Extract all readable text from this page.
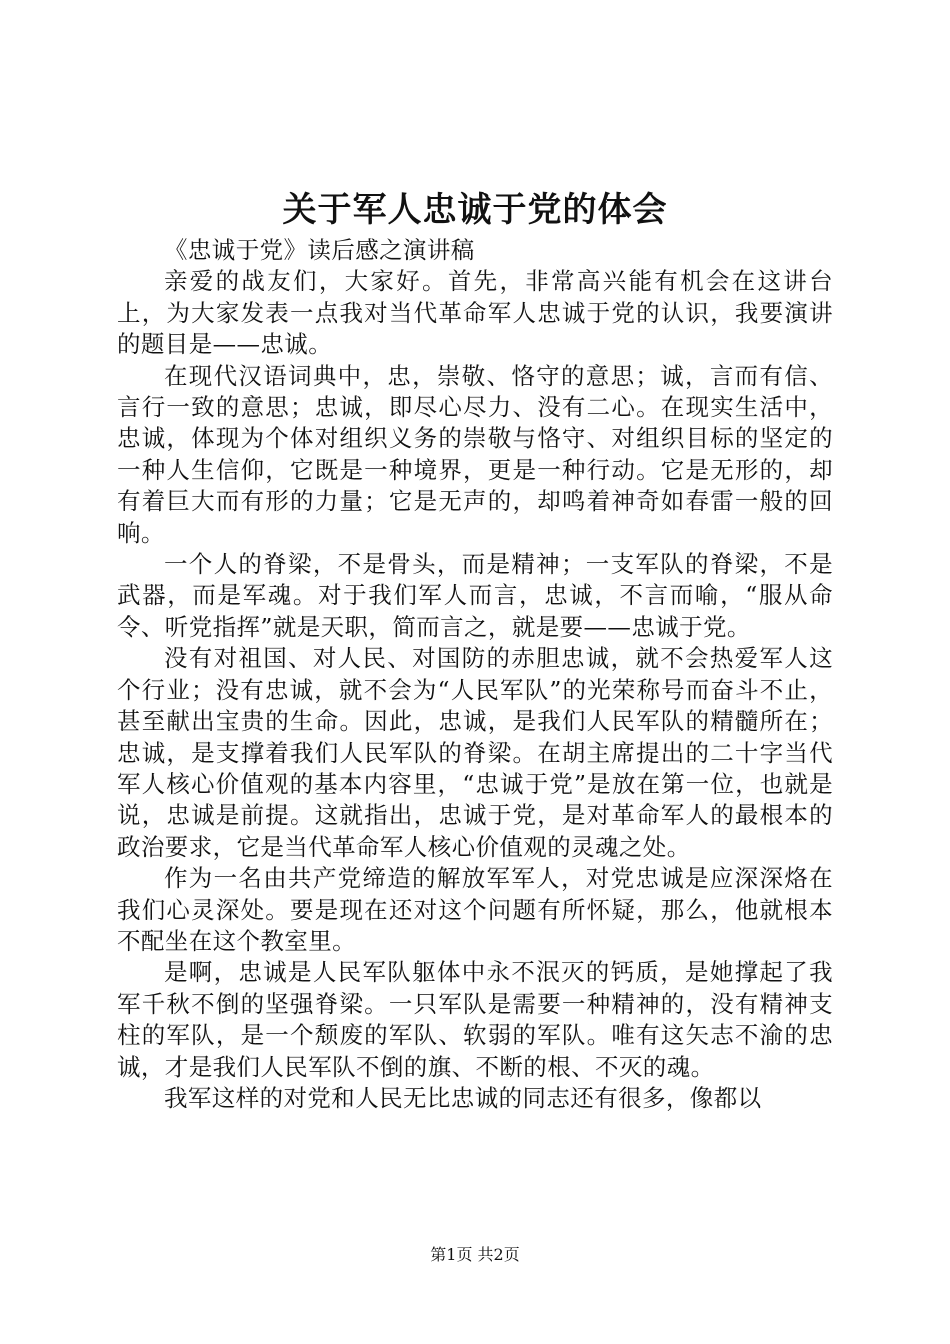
关于军人忠诚于党的体会

《忠诚于党》读后感之演讲稿

亲爱的战友们，大家好。首先，非常高兴能有机会在这讲台上，为大家发表一点我对当代革命军人忠诚于党的认识，我要演讲的题目是——忠诚。

在现代汉语词典中，忠，崇敬、恪守的意思；诚，言而有信、言行一致的意思；忠诚，即尽心尽力、没有二心。在现实生活中，忠诚，体现为个体对组织义务的崇敬与恪守、对组织目标的坚定的一种人生信仰，它既是一种境界，更是一种行动。它是无形的，却有着巨大而有形的力量；它是无声的，却鸣着神奇如春雷一般的回响。

一个人的脊梁，不是骨头，而是精神；一支军队的脊梁，不是武器，而是军魂。对于我们军人而言，忠诚，不言而喻，“服从命令、听党指挥”就是天职，简而言之，就是要——忠诚于党。

没有对祖国、对人民、对国防的赤胆忠诚，就不会热爱军人这个行业；没有忠诚，就不会为“人民军队”的光荣称号而奋斗不止，甚至献出宝贵的生命。因此，忠诚，是我们人民军队的精髓所在；忠诚，是支撑着我们人民军队的脊梁。在胡主席提出的二十字当代军人核心价值观的基本内容里，“忠诚于党”是放在第一位，也就是说，忠诚是前提。这就指出，忠诚于党，是对革命军人的最根本的政治要求，它是当代革命军人核心价值观的灵魂之处。

作为一名由共产党缔造的解放军军人，对党忠诚是应深深烙在我们心灵深处。要是现在还对这个问题有所怀疑，那么，他就根本不配坐在这个教室里。

是啊，忠诚是人民军队躯体中永不泯灭的钙质，是她撑起了我军千秋不倒的坚强脊梁。一只军队是需要一种精神的，没有精神支柱的军队，是一个颓废的军队、软弱的军队。唯有这矢志不渝的忠诚，才是我们人民军队不倒的旗、不断的根、不灭的魂。

我军这样的对党和人民无比忠诚的同志还有很多，像都以

第1页 共2页
